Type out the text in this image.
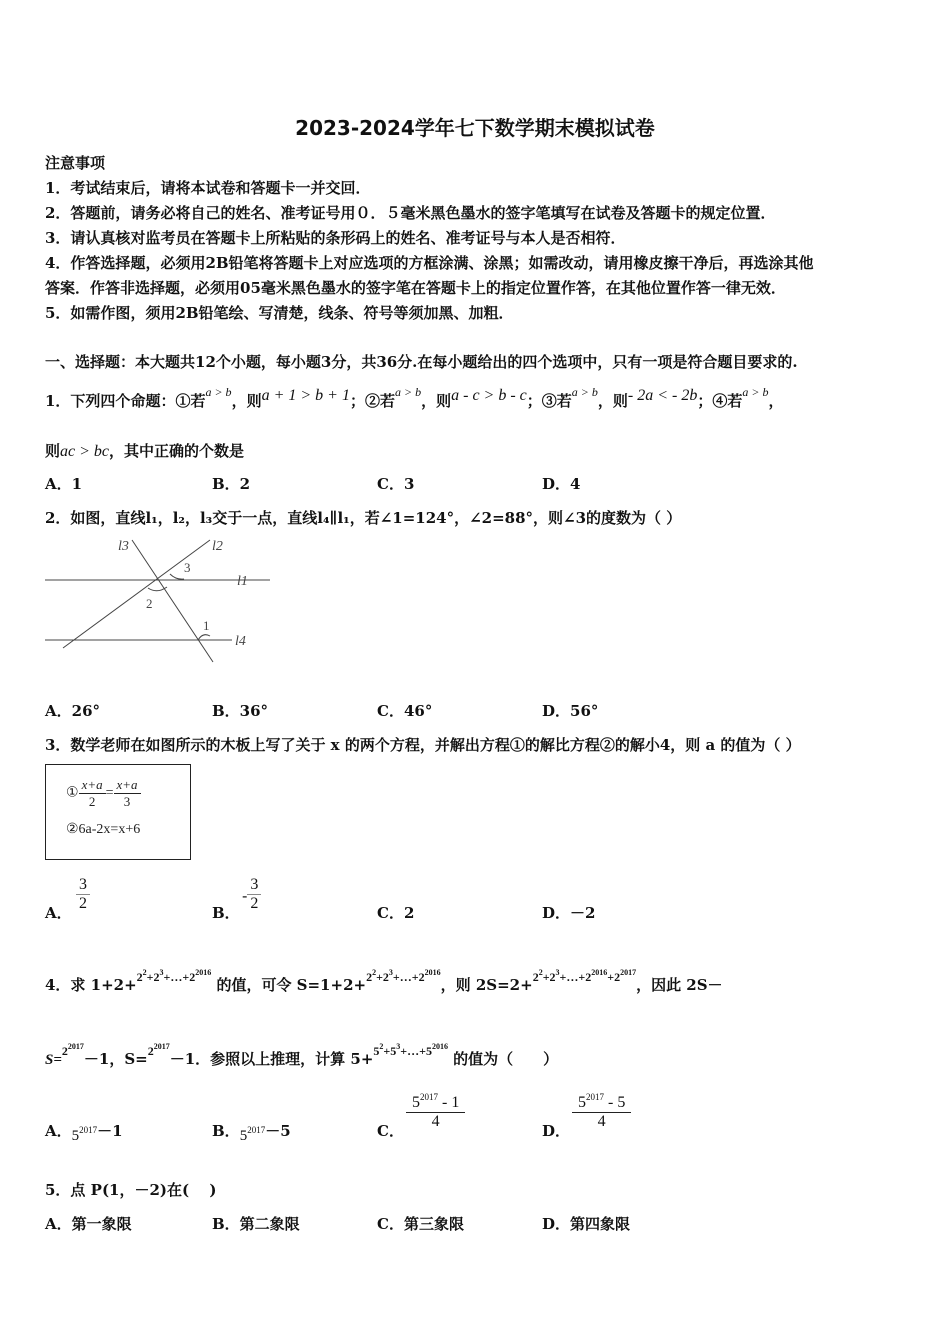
2023-2024学年七下数学期末模拟试卷
注意事项
1．考试结束后，请将本试卷和答题卡一并交回．
2．答题前，请务必将自己的姓名、准考证号用０．５毫米黑色墨水的签字笔填写在试卷及答题卡的规定位置．
3．请认真核对监考员在答题卡上所粘贴的条形码上的姓名、准考证号与本人是否相符．
4．作答选择题，必须用2B铅笔将答题卡上对应选项的方框涂满、涂黑；如需改动，请用橡皮擦干净后，再选涂其他
答案．作答非选择题，必须用05毫米黑色墨水的签字笔在答题卡上的指定位置作答，在其他位置作答一律无效．
5．如需作图，须用2B铅笔绘、写清楚，线条、符号等须加黑、加粗．
一、选择题：本大题共12个小题，每小题3分，共36分.在每小题给出的四个选项中，只有一项是符合题目要求的.
1．下列四个命题：①若$^{a > b}$，则a + 1 > b + 1；②若$^{a > b}$，则a - c > b - c；③若$^{a > b}$，则- 2a < - 2b；④若$^{a > b}$，
则ac > bc，其中正确的个数是
A．1	B．2	C．3	D．4
2．如图，直线l₁，l₂，l₃交于一点，直线l₄∥l₁，若∠1=124°，∠2=88°，则∠3的度数为（ ）
l3	l2
l1
l4
2
3
1
A．26°	B．36°	C．46°	D．56°
3．数学老师在如图所示的木板上写了关于 x 的两个方程，并解出方程①的解比方程②的解小4，则 a 的值为（ ）
① $\frac{x+a}{2} = \frac{x+a}{3}$
②6a-2x=x+6
A． $\frac{3}{2}$	B．
- $\frac{3}{2}$	C．2	D．－2
4．求 1+2+$^{2^2+2^3+\dots+2^{2016}}$ 的值，可令 S=1+2+$^{2^2+2^3+\dots+2^{2016}}$，则 2S=2+$^{2^2+2^3+\dots+2^{2016}+2^{2017}}$，因此 2S－
S=$^{2^{2017}}$－1，S=$^{2^{2017}}$－1．参照以上推理，计算 5+$^{5^2+5^3+\dots+5^{2016}}$ 的值为（　　）
A．$5^{2017}-1$	B．$5^{2017}-5$	C． $\frac{5^{2017} - 1}{4}$	D． $\frac{5^{2017} - 5}{4}$
5．点 P(1，－2)在(　 )
A．第一象限	B．第二象限	C．第三象限	D．第四象限
